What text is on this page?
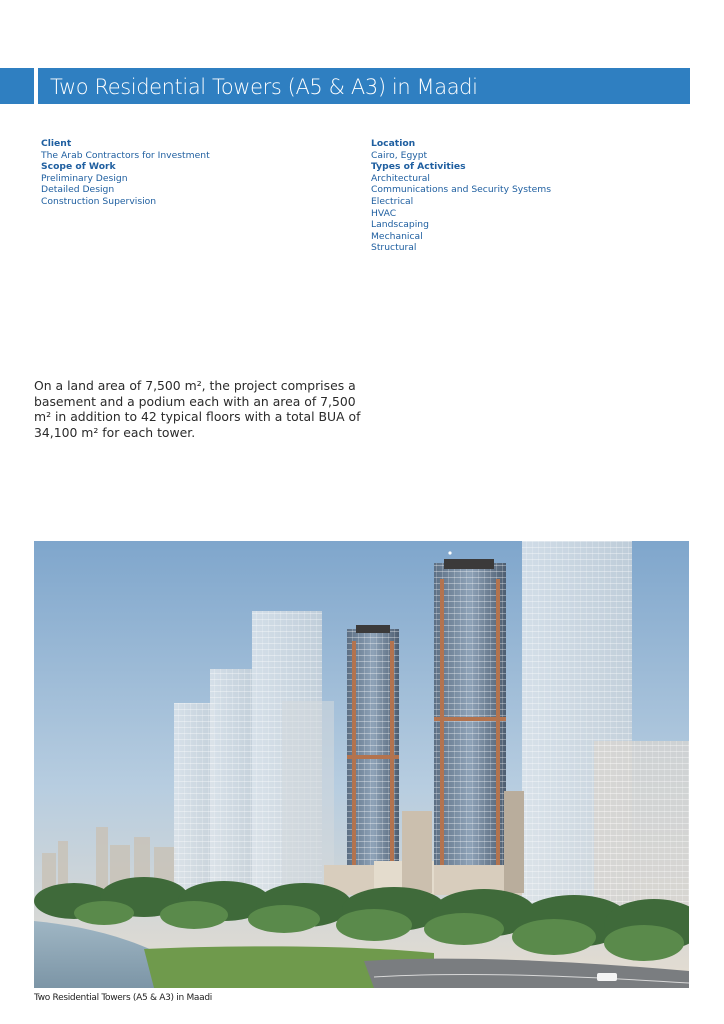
Two Residential Towers (A5 & A3) in Maadi
Client
The Arab Contractors for Investment
Scope of Work
Preliminary Design
Detailed Design
Construction Supervision
Location
Cairo, Egypt
Types of Activities
Architectural
Communications and Security Systems
Electrical
HVAC
Landscaping
Mechanical
Structural
On a land area of 7,500 m², the project comprises a basement and a podium each with an area of 7,500 m² in addition to 42 typical floors with a total BUA of 34,100 m² for each tower.
Two Residential Towers (A5 & A3) in Maadi
